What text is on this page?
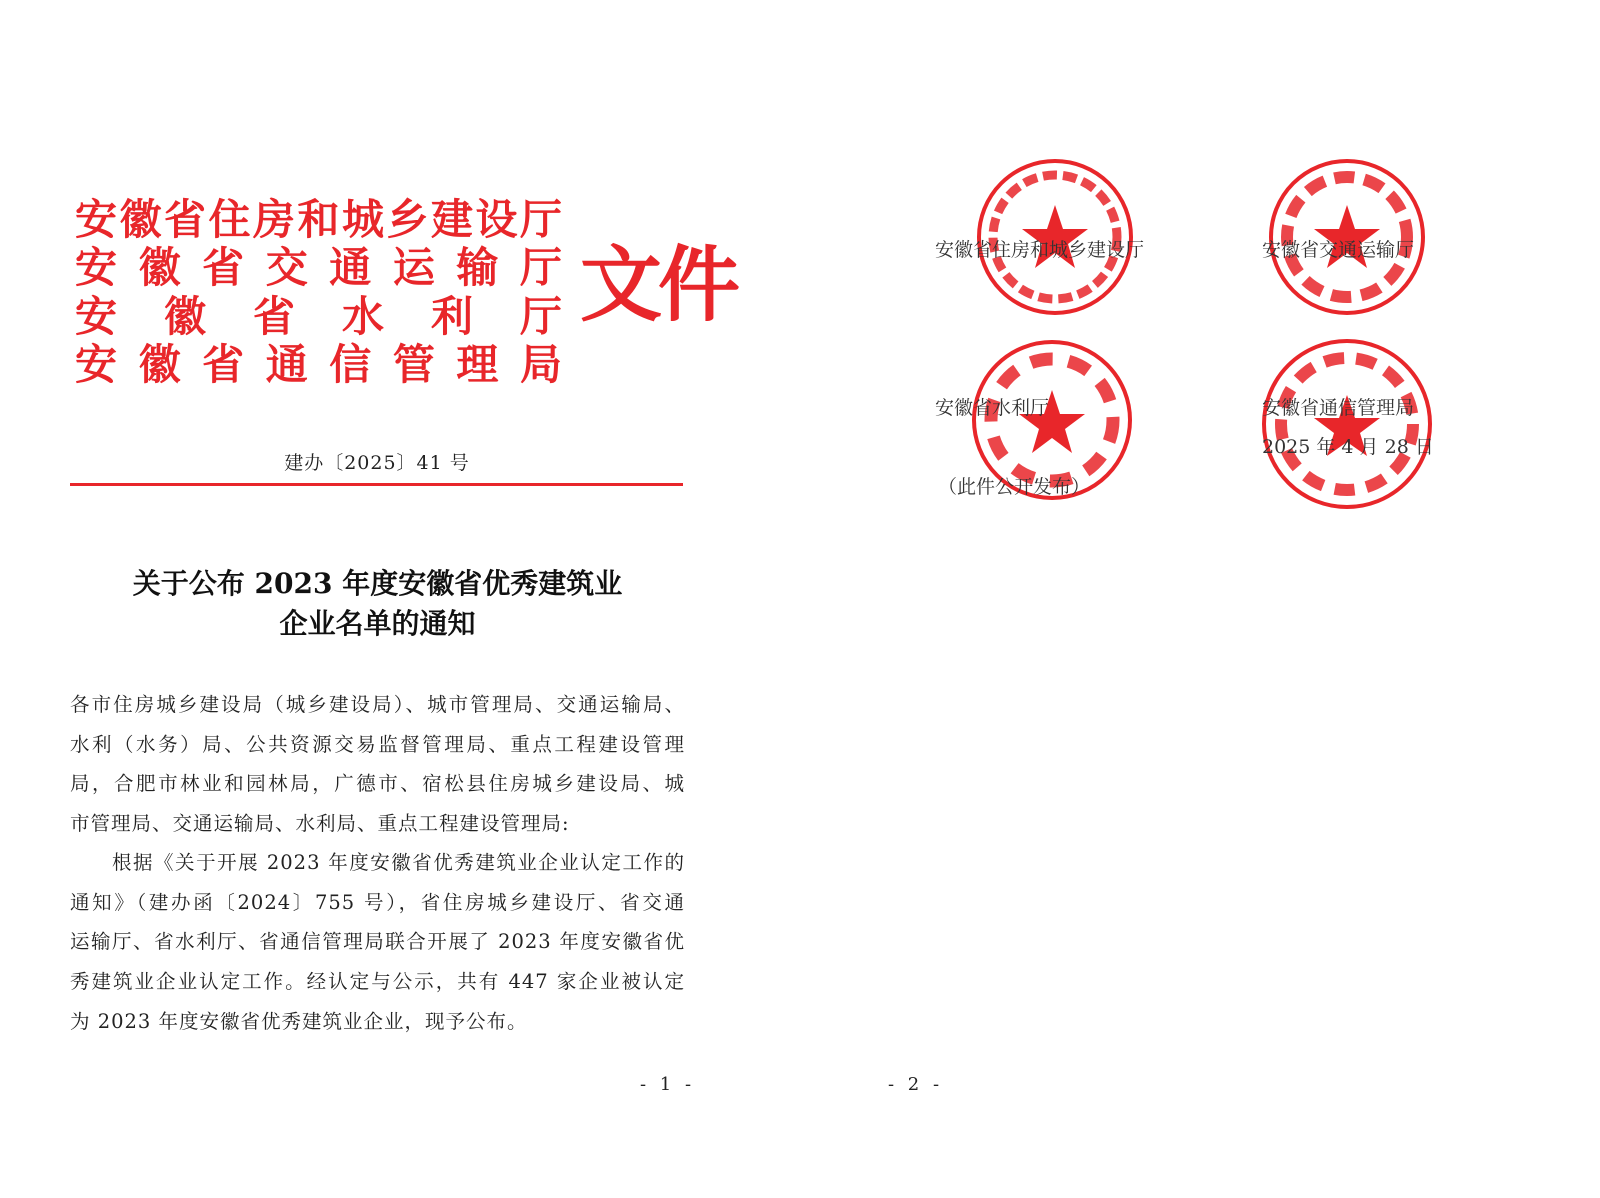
安徽省住房和城乡建设厅
安徽省交通运输厅
安徽省水利厅
安徽省通信管理局
文件
建办〔2025〕41 号
关于公布 2023 年度安徽省优秀建筑业
企业名单的通知
各市住房城乡建设局（城乡建设局）、城市管理局、交通运输局、
水利（水务）局、公共资源交易监督管理局、重点工程建设管理
局，合肥市林业和园林局，广德市、宿松县住房城乡建设局、城
市管理局、交通运输局、水利局、重点工程建设管理局:
根据《关于开展 2023 年度安徽省优秀建筑业企业认定工作的
通知》（建办函〔2024〕755 号），省住房城乡建设厅、省交通
运输厅、省水利厅、省通信管理局联合开展了 2023 年度安徽省优
秀建筑业企业认定工作。经认定与公示，共有 447 家企业被认定
为 2023 年度安徽省优秀建筑业企业，现予公布。
- 1 -
安徽省住房和城乡建设厅	安徽省交通运输厅
安徽省水利厅	安徽省通信管理局
2025 年 4 月 28 日
（此件公开发布）
- 2 -
